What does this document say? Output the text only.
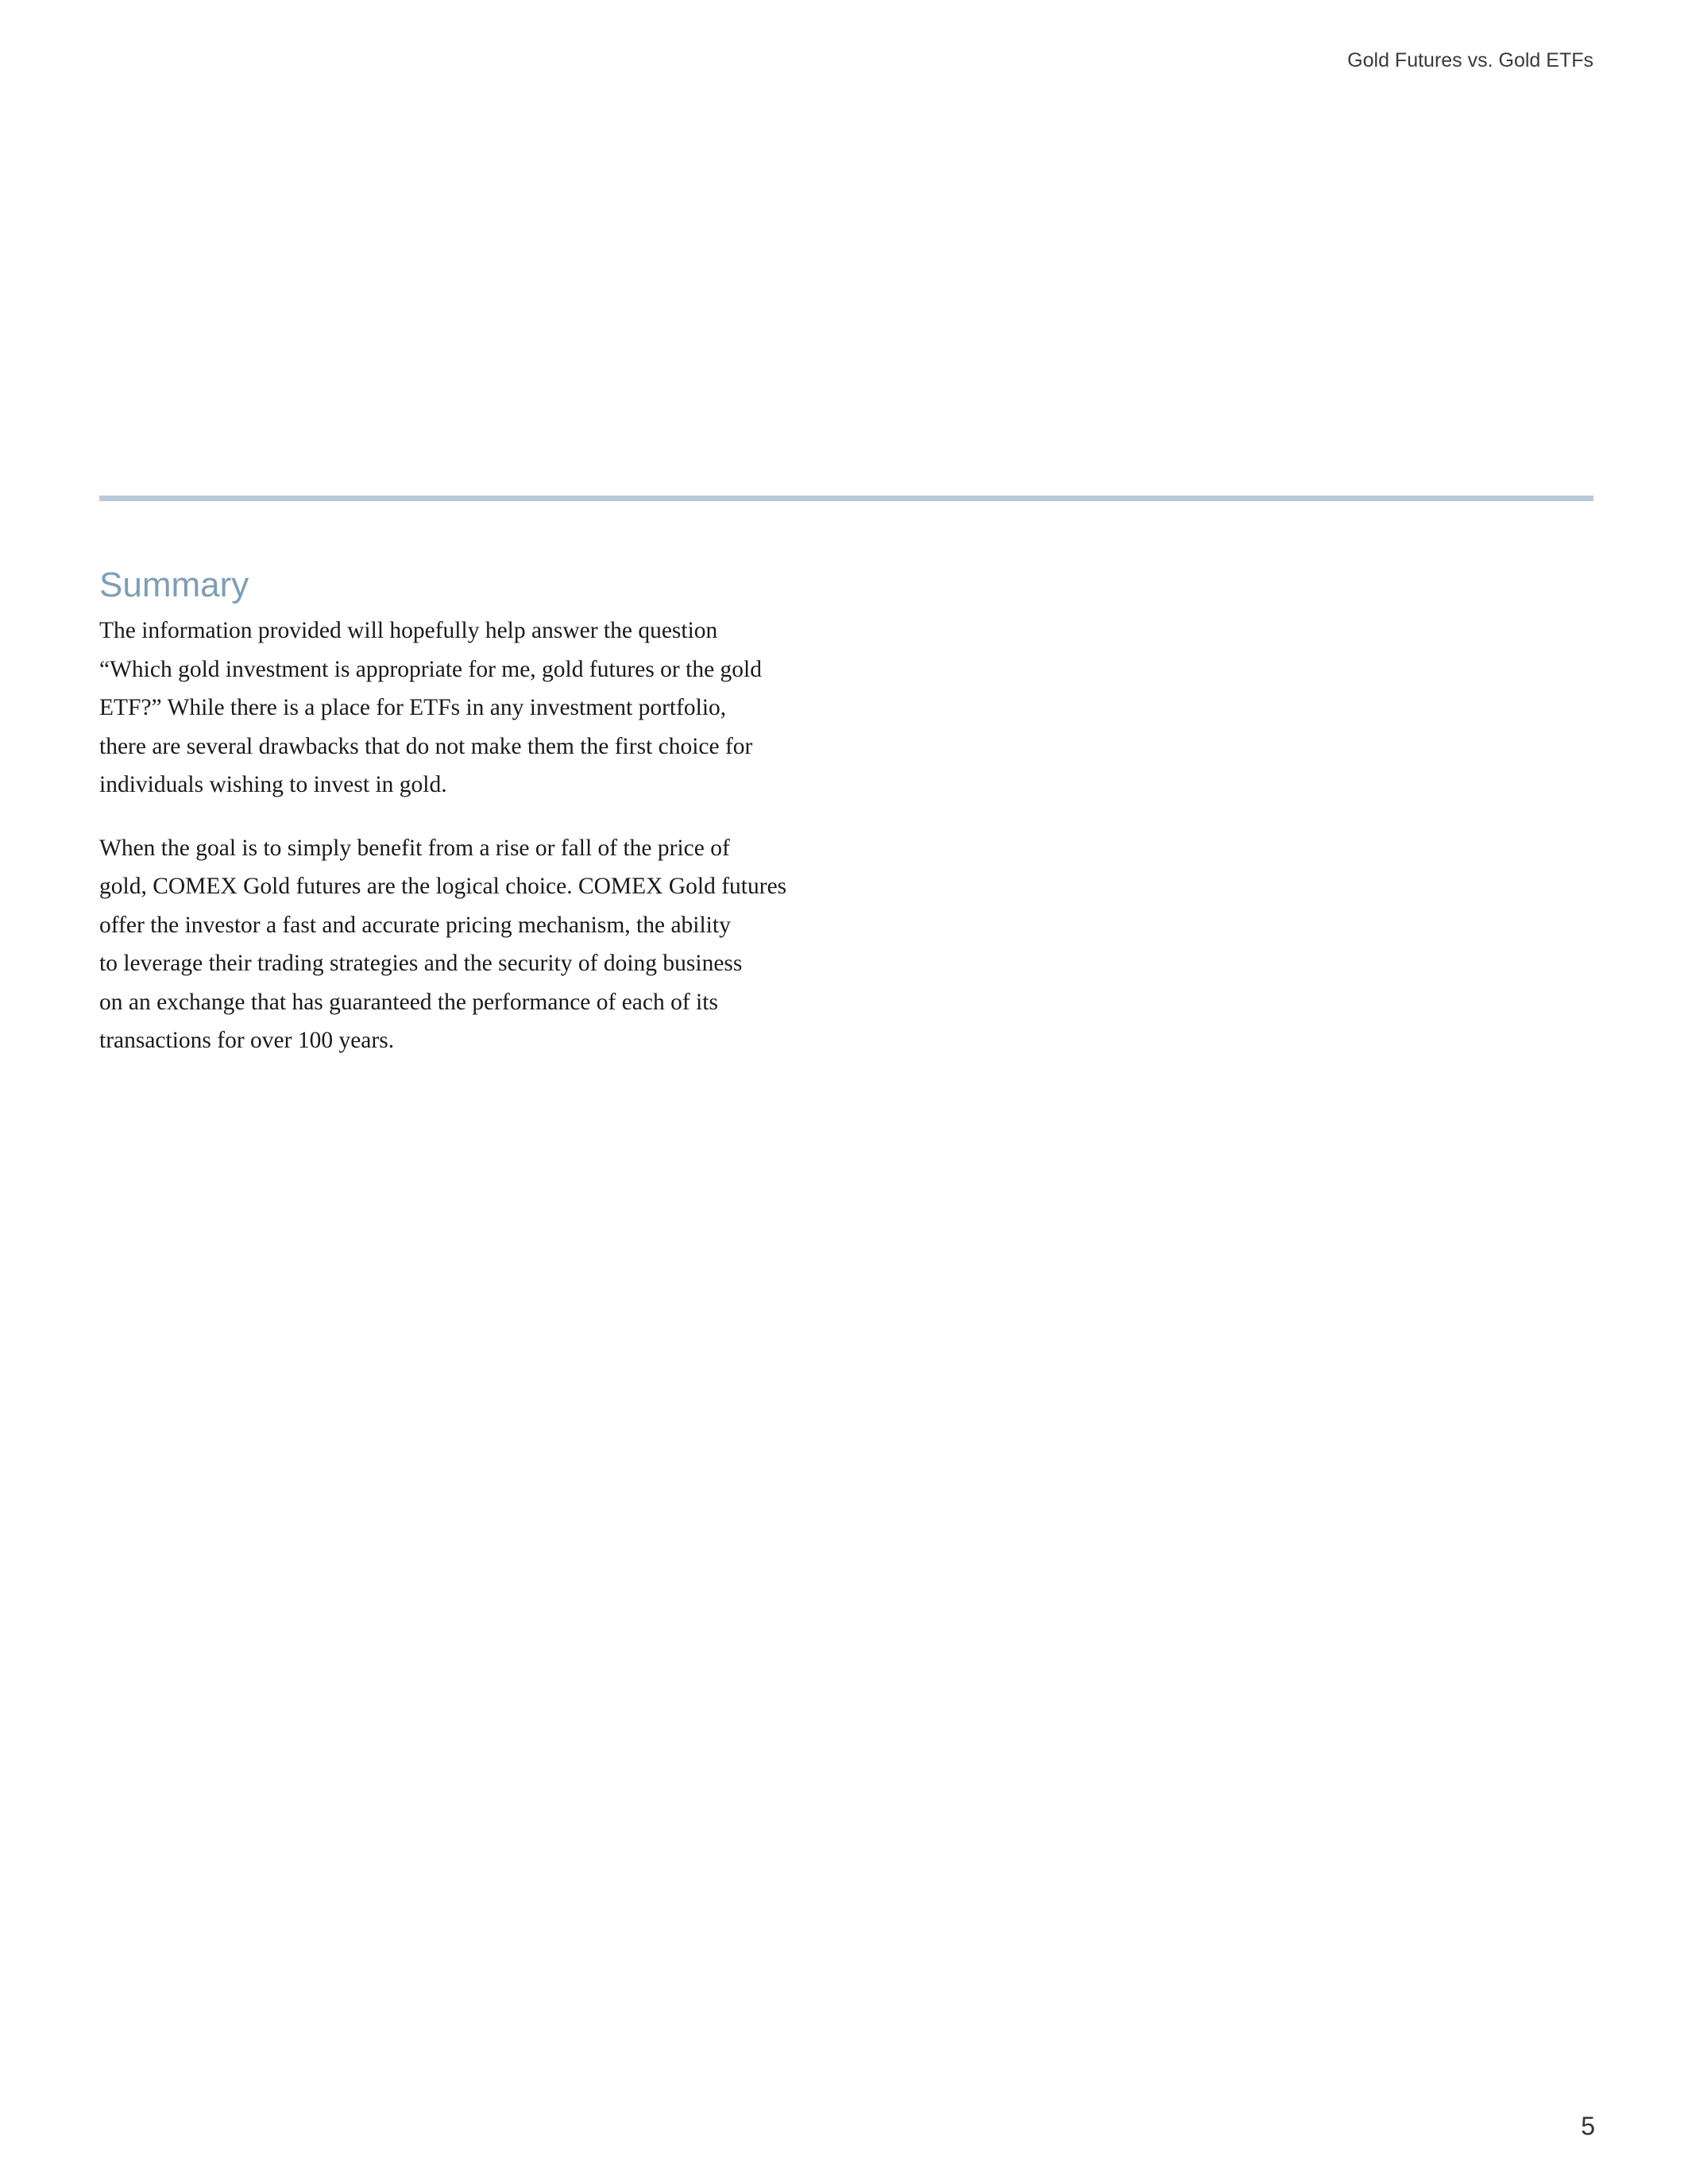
Gold Futures vs. Gold ETFs
Summary

The information provided will hopefully help answer the question
“Which gold investment is appropriate for me, gold futures or the gold
ETF?” While there is a place for ETFs in any investment portfolio,
there are several drawbacks that do not make them the first choice for
individuals wishing to invest in gold.

When the goal is to simply benefit from a rise or fall of the price of
gold, COMEX Gold futures are the logical choice. COMEX Gold futures
offer the investor a fast and accurate pricing mechanism, the ability
to leverage their trading strategies and the security of doing business
on an exchange that has guaranteed the performance of each of its
transactions for over 100 years.

5
